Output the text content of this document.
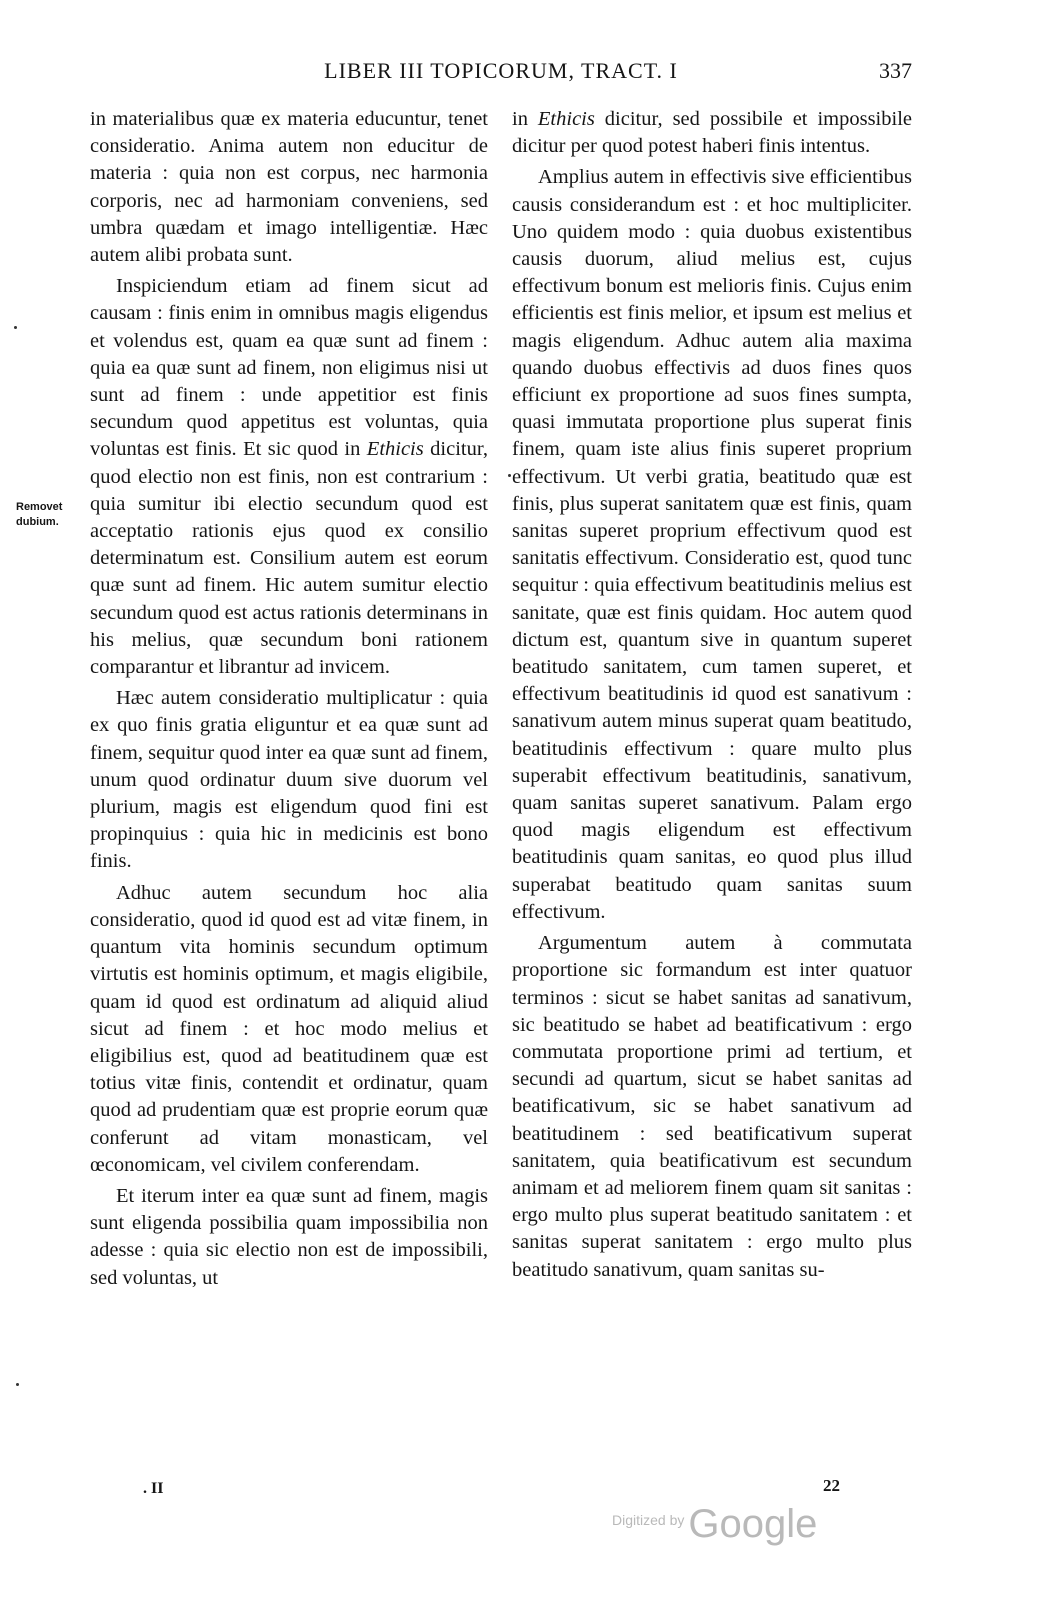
LIBER III TOPICORUM, TRACT. I	337
Removet
dubium.

in materialibus quæ ex materia educuntur, tenet consideratio. Anima autem non educitur de materia : quia non est corpus, nec harmonia corporis, nec ad harmoniam conveniens, sed umbra quædam et imago intelligentiæ. Hæc autem alibi probata sunt.

Inspiciendum etiam ad finem sicut ad causam : finis enim in omnibus magis eligendus et volendus est, quam ea quæ sunt ad finem : quia ea quæ sunt ad finem, non eligimus nisi ut sunt ad finem : unde appetitior est finis secundum quod appetitus est voluntas, quia voluntas est finis. Et sic quod in Ethicis dicitur, quod electio non est finis, non est contrarium : quia sumitur ibi electio secundum quod est acceptatio rationis ejus quod ex consilio determinatum est. Consilium autem est eorum quæ sunt ad finem. Hic autem sumitur electio secundum quod est actus rationis determinans in his melius, quæ secundum boni rationem comparantur et librantur ad invicem.

Hæc autem consideratio multiplicatur : quia ex quo finis gratia eliguntur et ea quæ sunt ad finem, sequitur quod inter ea quæ sunt ad finem, unum quod ordinatur duum sive duorum vel plurium, magis est eligendum quod fini est propinquius : quia hic in medicinis est bono finis.

Adhuc autem secundum hoc alia consideratio, quod id quod est ad vitæ finem, in quantum vita hominis secundum optimum virtutis est hominis optimum, et magis eligibile, quam id quod est ordinatum ad aliquid aliud sicut ad finem : et hoc modo melius et eligibilius est, quod ad beatitudinem quæ est totius vitæ finis, contendit et ordinatur, quam quod ad prudentiam quæ est proprie eorum quæ conferunt ad vitam monasticam, vel œconomicam, vel civilem conferendam.

Et iterum inter ea quæ sunt ad finem, magis sunt eligenda possibilia quam impossibilia non adesse : quia sic electio non est de impossibili, sed voluntas, ut

in Ethicis dicitur, sed possibile et impossibile dicitur per quod potest haberi finis intentus.

Amplius autem in effectivis sive efficientibus causis considerandum est : et hoc multipliciter. Uno quidem modo : quia duobus existentibus causis duorum, aliud melius est, cujus effectivum bonum est melioris finis. Cujus enim efficientis est finis melior, et ipsum est melius et magis eligendum. Adhuc autem alia maxima quando duobus effectivis ad duos fines quos efficiunt ex proportione ad suos fines sumpta, quasi immutata proportione plus superat finis finem, quam iste alius finis superet proprium effectivum. Ut verbi gratia, beatitudo quæ est finis, plus superat sanitatem quæ est finis, quam sanitas superet proprium effectivum quod est sanitatis effectivum. Consideratio est, quod tunc sequitur : quia effectivum beatitudinis melius est sanitate, quæ est finis quidam. Hoc autem quod dictum est, quantum sive in quantum superet beatitudo sanitatem, cum tamen superet, et effectivum beatitudinis id quod est sanativum : sanativum autem minus superat quam beatitudo, beatitudinis effectivum : quare multo plus superabit effectivum beatitudinis, sanativum, quam sanitas superet sanativum. Palam ergo quod magis eligendum est effectivum beatitudinis quam sanitas, eo quod plus illud superabat beatitudo quam sanitas suum effectivum.

Argumentum autem à commutata proportione sic formandum est inter quatuor terminos : sicut se habet sanitas ad sanativum, sic beatitudo se habet ad beatificativum : ergo commutata proportione primi ad tertium, et secundi ad quartum, sicut se habet sanitas ad beatificativum, sic se habet sanativum ad beatitudinem : sed beatificativum superat sanitatem, quia beatificativum est secundum animam et ad meliorem finem quam sit sanitas : ergo multo plus superat beatitudo sanitatem : et sanitas superat sanitatem : ergo multo plus beatitudo sanativum, quam sanitas su-

. II	22
Digitized by Google
